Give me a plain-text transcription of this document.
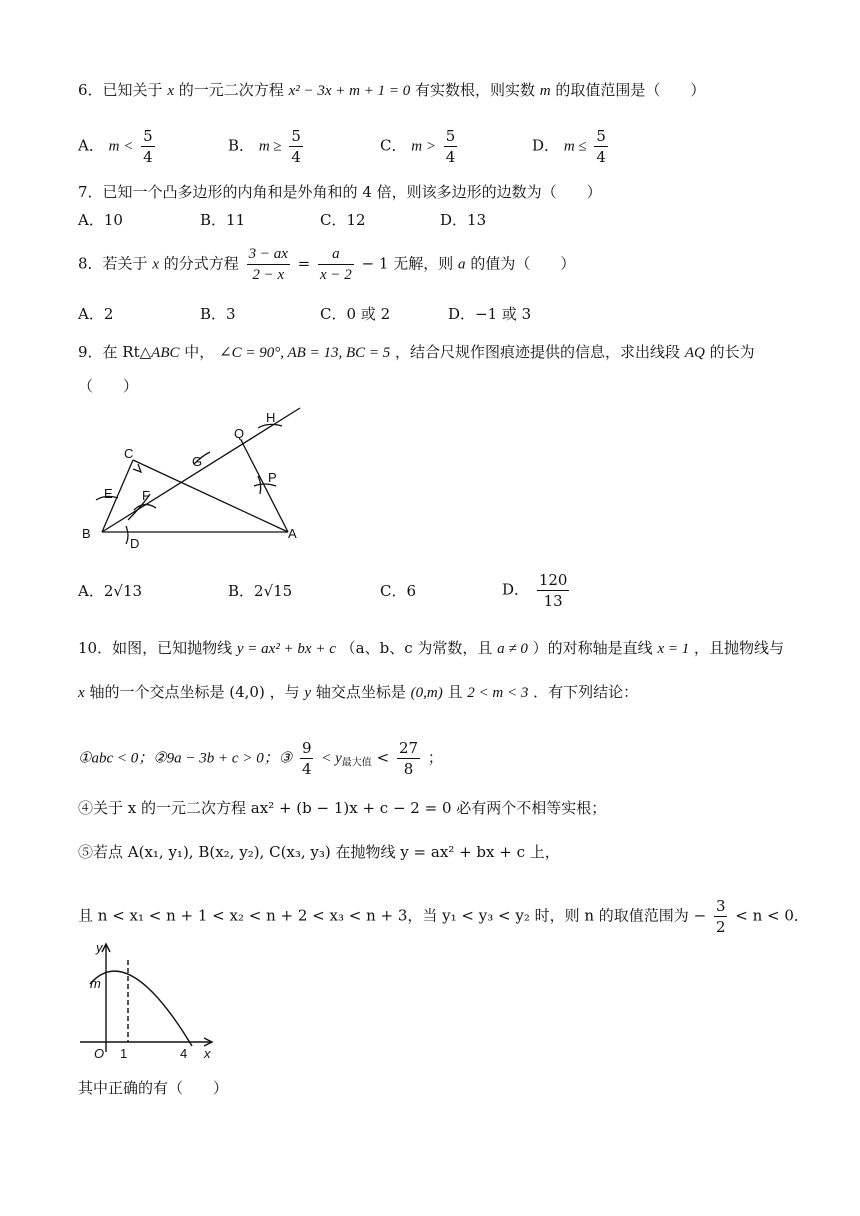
6．已知关于 x 的一元二次方程 x² − 3x + m + 1 = 0 有实数根，则实数 m 的取值范围是（　　）
A． $m < \frac{5}{4}$	B． $m \ge \frac{5}{4}$	C． $m > \frac{5}{4}$	D． $m \le \frac{5}{4}$
7．已知一个凸多边形的内角和是外角和的 4 倍，则该多边形的边数为（　　）
A．10	B．11	C．12	D．13
8．若关于 x 的分式方程 $\frac{3 - ax}{2 - x} = \frac{a}{x - 2} - 1$ 无解，则 a 的值为（　　）
A．2	B．3	C．0 或 2	D．−1 或 3
9．在 Rt△ABC 中， ∠C = 90°, AB = 13, BC = 5 ，结合尺规作图痕迹提供的信息，求出线段 AQ 的长为
（　　）
C
H
Q
G
P
E F
B
D
A
A．2√13	B．2√15	C．6	D． $\frac{120}{13}$
10．如图，已知抛物线 y = ax² + bx + c （a、b、c 为常数，且 a ≠ 0 ）的对称轴是直线 x = 1 ，且抛物线与
x 轴的一个交点坐标是 (4,0) ，与 y 轴交点坐标是 (0,m) 且 2 < m < 3 ．有下列结论：
①abc < 0；②9a − 3b + c > 0；③ $\frac{9}{4} < y_{最大值} < \frac{27}{8}$ ；
④关于 x 的一元二次方程 ax² + (b − 1)x + c − 2 = 0 必有两个不相等实根；
⑤若点 A(x₁, y₁), B(x₂, y₂), C(x₃, y₃) 在抛物线 y = ax² + bx + c 上，
且 n < x₁ < n + 1 < x₂ < n + 2 < x₃ < n + 3，当 y₁ < y₃ < y₂ 时，则 n 的取值范围为 − $\frac{3}{2} < n < 0$．
y
m
O 1	4 x
其中正确的有（　　）
